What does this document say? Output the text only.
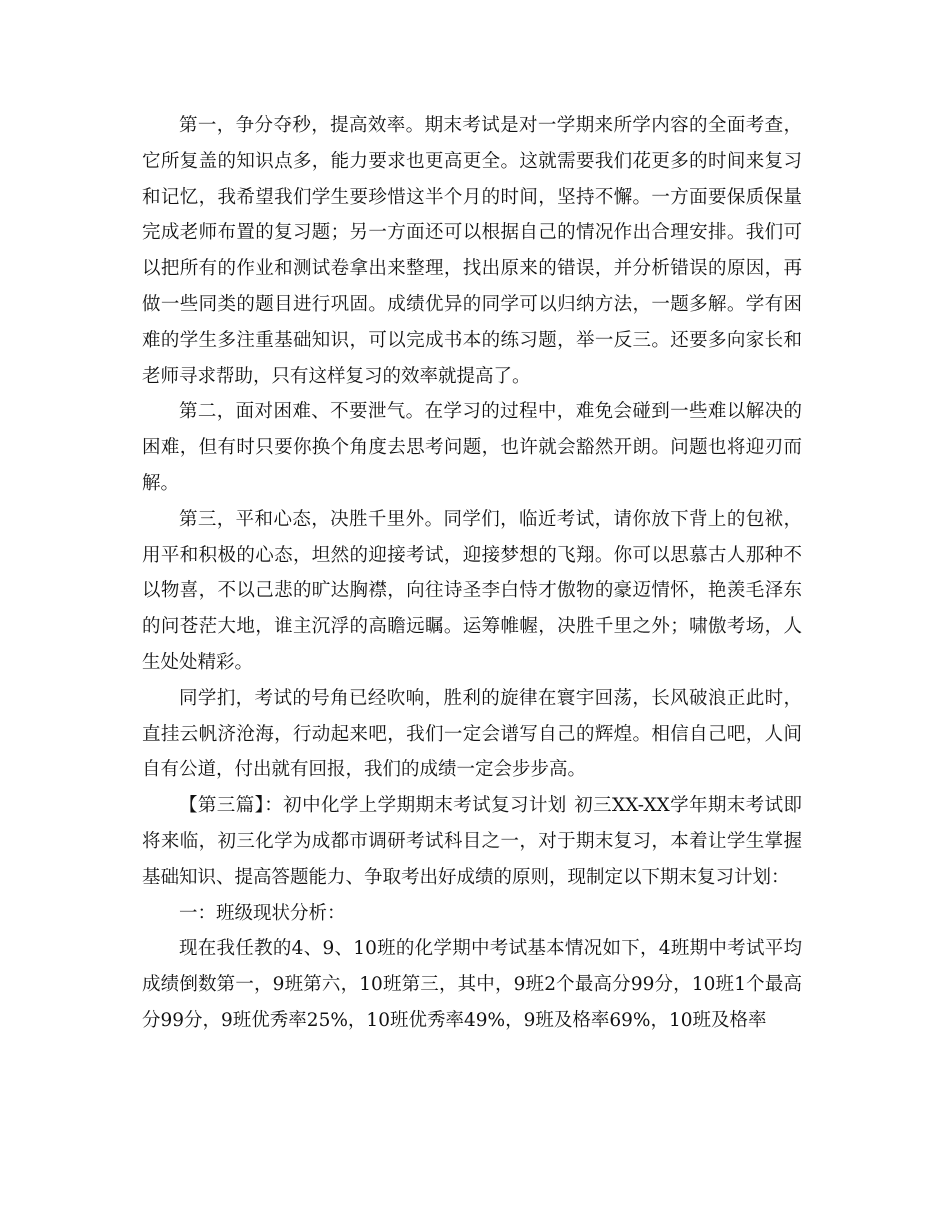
第一，争分夺秒，提高效率。期末考试是对一学期来所学内容的全面考查，它所复盖的知识点多，能力要求也更高更全。这就需要我们花更多的时间来复习和记忆，我希望我们学生要珍惜这半个月的时间，坚持不懈。一方面要保质保量完成老师布置的复习题；另一方面还可以根据自己的情况作出合理安排。我们可以把所有的作业和测试卷拿出来整理，找出原来的错误，并分析错误的原因，再做一些同类的题目进行巩固。成绩优异的同学可以归纳方法，一题多解。学有困难的学生多注重基础知识，可以完成书本的练习题，举一反三。还要多向家长和老师寻求帮助，只有这样复习的效率就提高了。

第二，面对困难、不要泄气。在学习的过程中，难免会碰到一些难以解决的困难，但有时只要你换个角度去思考问题，也许就会豁然开朗。问题也将迎刃而解。

第三，平和心态，决胜千里外。同学们，临近考试，请你放下背上的包袱，用平和积极的心态，坦然的迎接考试，迎接梦想的飞翔。你可以思慕古人那种不以物喜，不以己悲的旷达胸襟，向往诗圣李白恃才傲物的豪迈情怀，艳羡毛泽东的问苍茫大地，谁主沉浮的高瞻远瞩。运筹帷幄，决胜千里之外；啸傲考场，人生处处精彩。

同学扪，考试的号角已经吹响，胜利的旋律在寰宇回荡，长风破浪正此时，直挂云帆济沧海，行动起来吧，我们一定会谱写自己的辉煌。相信自己吧，人间自有公道，付出就有回报，我们的成绩一定会步步高。

【第三篇】：初中化学上学期期末考试复习计划	初三XX-XX学年期末考试即将来临，初三化学为成都市调研考试科目之一，对于期末复习，本着让学生掌握基础知识、提高答题能力、争取考出好成绩的原则，现制定以下期末复习计划：

一：班级现状分析：

现在我任教的4、9、10班的化学期中考试基本情况如下，4班期中考试平均成绩倒数第一，9班第六，10班第三，其中，9班2个最高分99分，10班1个最高分99分，9班优秀率25%，10班优秀率49%，9班及格率69%，10班及格率
